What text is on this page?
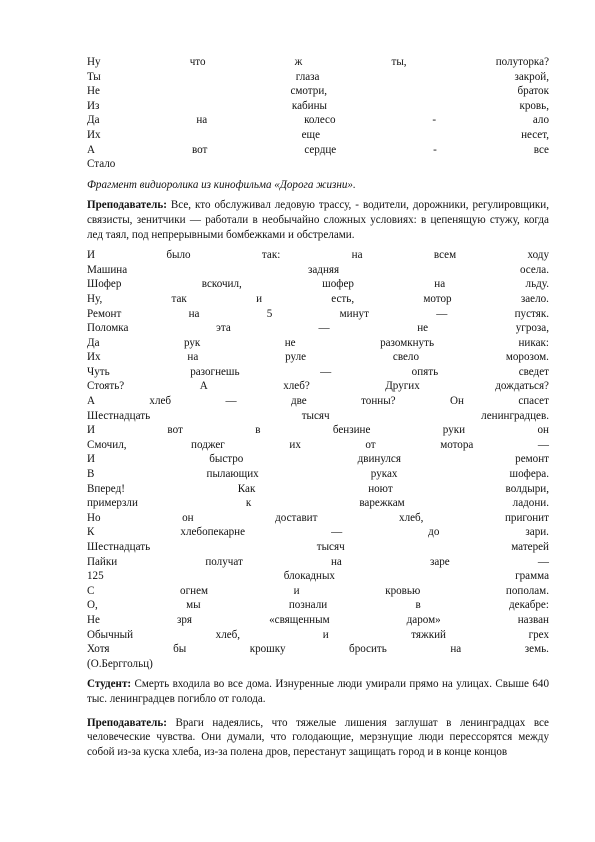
Ну	что	ж	ты,	полуторка?
Ты	глаза	закрой,
Не	смотри,	браток
Из	кабины	кровь,
Да	на	колесо	-	ало
Их	еще	несет,
А	вот	сердце	-	все
Стало

Фрагмент видиоролика из кинофильма «Дорога жизни».

Преподаватель: Все, кто обслуживал ледовую трассу, - водители, дорожники, регулировщики, связисты, зенитчики — работали в необычайно сложных условиях: в цепенящую стужу, когда лед таял, под непрерывными бомбежками и обстрелами.

И	было	так:	на	всем	ходу
Машина	задняя	осела.
Шофер	вскочил,	шофер	на	льду.
Ну,	так	и	есть,	мотор	заело.
Ремонт	на	5	минут	—	пустяк.
Поломка	эта	—	не	угроза,
Да	рук	не	разомкнуть	никак:
Их	на	руле	свело	морозом.
Чуть	разогнешь	—	опять	сведет
Стоять?	А	хлеб?	Других	дождаться?
А	хлеб	—	две	тонны?	Он	спасет
Шестнадцать	тысяч	ленинградцев.
И	вот	в	бензине	руки	он
Смочил,	поджег	их	от	мотора	—
И	быстро	двинулся	ремонт
В	пылающих	руках	шофера.
Вперед!	Как	ноют	волдыри,
примерзли	к	варежкам	ладони.
Но	он	доставит	хлеб,	пригонит
К	хлебопекарне	—	до	зари.
Шестнадцать	тысяч	матерей
Пайки	получат	на	заре	—
125	блокадных	грамма
С	огнем	и	кровью	пополам.
О,	мы	познали	в	декабре:
Не	зря	«священным	даром»	назван
Обычный	хлеб,	и	тяжкий	грех
Хотя	бы	крошку	бросить	на	земь.
(О.Берггольц)

Студент: Смерть входила во все дома. Изнуренные люди умирали прямо на улицах. Свыше 640 тыс. ленинградцев погибло от голода.

Преподаватель: Враги надеялись, что тяжелые лишения заглушат в ленинградцах все человеческие чувства. Они думали, что голодающие, мерзнущие люди перессорятся между собой из-за куска хлеба, из-за полена дров, перестанут защищать город и в конце концов
